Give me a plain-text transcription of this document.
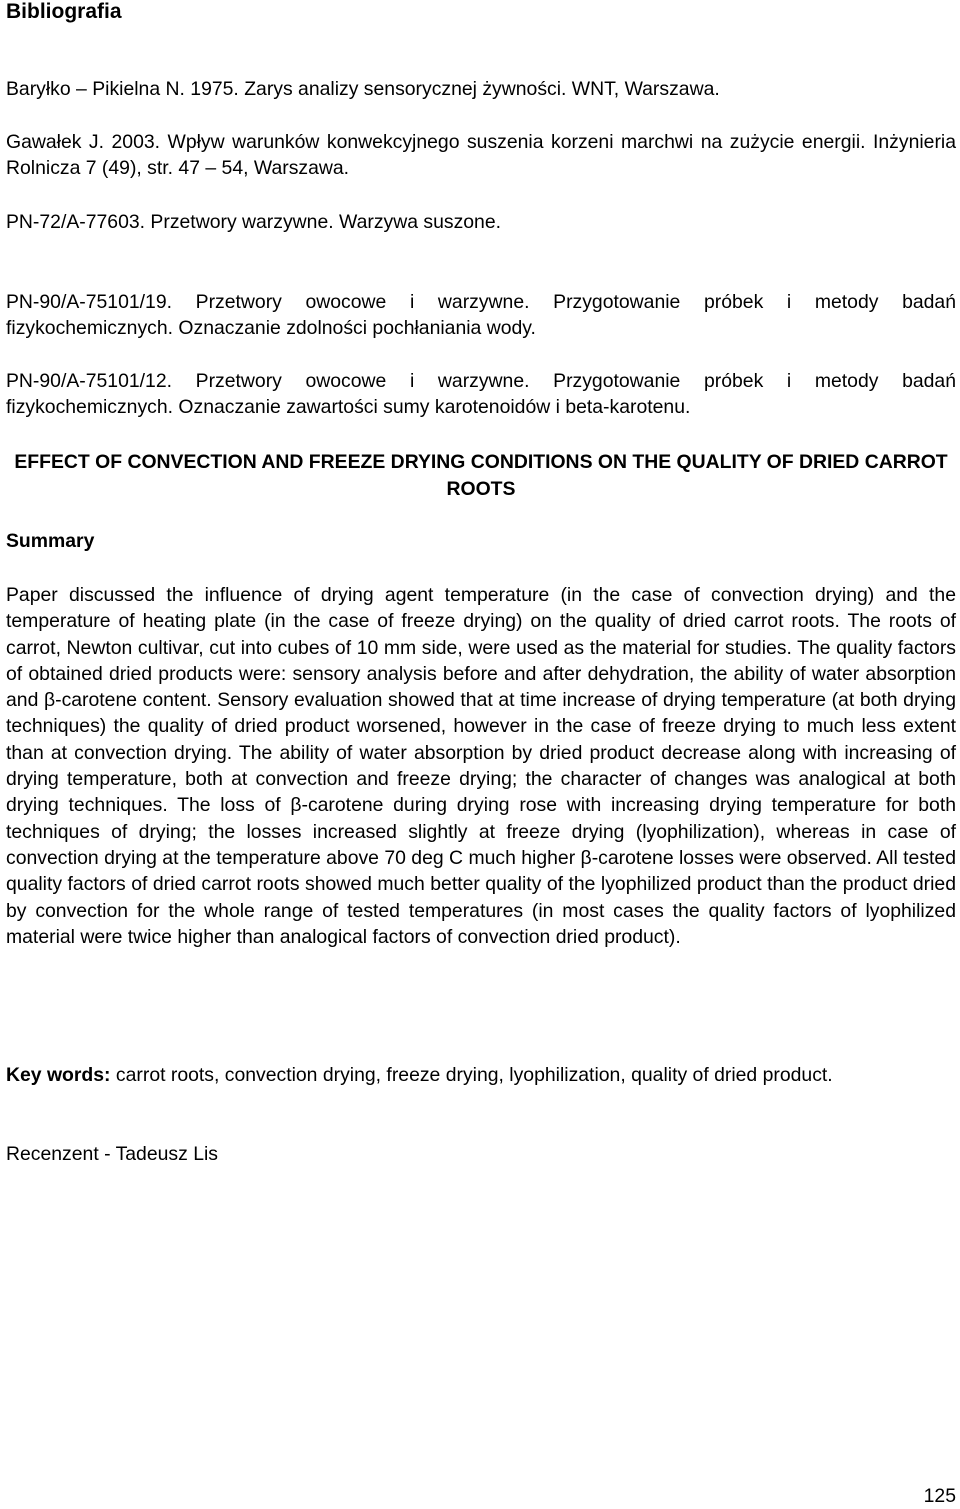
Bibliografia

Baryłko – Pikielna N. 1975. Zarys analizy sensorycznej żywności. WNT, Warszawa.

Gawałek J. 2003. Wpływ warunków konwekcyjnego suszenia korzeni marchwi na zużycie energii. Inżynieria Rolnicza 7 (49), str. 47 – 54, Warszawa.

PN-72/A-77603. Przetwory warzywne. Warzywa suszone.

PN-90/A-75101/19. Przetwory owocowe i warzywne. Przygotowanie próbek i metody badań fizykochemicznych. Oznaczanie zdolności pochłaniania wody.

PN-90/A-75101/12. Przetwory owocowe i warzywne. Przygotowanie próbek i metody badań fizykochemicznych. Oznaczanie zawartości sumy karotenoidów i beta-karotenu.

EFFECT OF CONVECTION AND FREEZE DRYING CONDITIONS ON THE QUALITY OF DRIED CARROT ROOTS

Summary

Paper discussed the influence of drying agent temperature (in the case of convection drying) and the temperature of heating plate (in the case of freeze drying) on the quality of dried carrot roots. The roots of carrot, Newton cultivar, cut into cubes of 10 mm side, were used as the material for studies. The quality factors of obtained dried products were: sensory analysis before and after dehydration, the ability of water absorption and β-carotene content. Sensory evaluation showed that at time increase of drying temperature (at both drying techniques) the quality of dried product worsened, however in the case of freeze drying to much less extent than at convection drying. The ability of water absorption by dried product decrease along with increasing of drying temperature, both at convection and freeze drying; the character of changes was analogical at both drying techniques. The loss of β-carotene during drying rose with increasing drying temperature for both techniques of drying; the losses increased slightly at freeze drying (lyophilization), whereas in case of convection drying at the temperature above 70 deg C much higher β-carotene losses were observed. All tested quality factors of dried carrot roots showed much better quality of the lyophilized product than the product dried by convection for the whole range of tested temperatures (in most cases the quality factors of lyophilized material were twice higher than analogical factors of convection dried product).

Key words: carrot roots, convection drying, freeze drying, lyophilization, quality of dried product.

Recenzent - Tadeusz Lis

125
